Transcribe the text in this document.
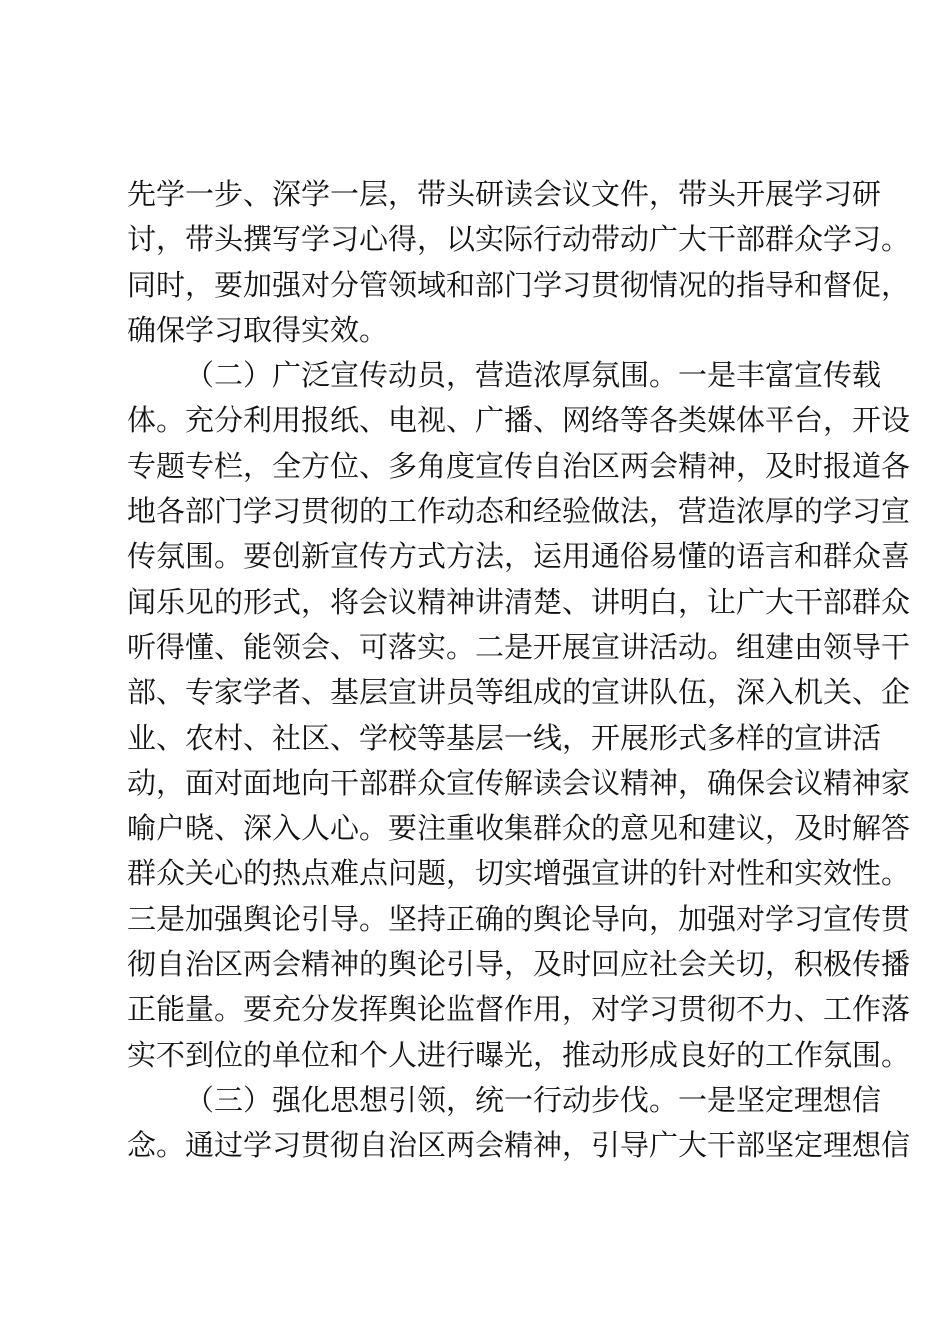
先学一步、深学一层，带头研读会议文件，带头开展学习研
讨，带头撰写学习心得，以实际行动带动广大干部群众学习。
同时，要加强对分管领域和部门学习贯彻情况的指导和督促，
确保学习取得实效。
（二）广泛宣传动员，营造浓厚氛围。一是丰富宣传载
体。充分利用报纸、电视、广播、网络等各类媒体平台，开设
专题专栏，全方位、多角度宣传自治区两会精神，及时报道各
地各部门学习贯彻的工作动态和经验做法，营造浓厚的学习宣
传氛围。要创新宣传方式方法，运用通俗易懂的语言和群众喜
闻乐见的形式，将会议精神讲清楚、讲明白，让广大干部群众
听得懂、能领会、可落实。二是开展宣讲活动。组建由领导干
部、专家学者、基层宣讲员等组成的宣讲队伍，深入机关、企
业、农村、社区、学校等基层一线，开展形式多样的宣讲活
动，面对面地向干部群众宣传解读会议精神，确保会议精神家
喻户晓、深入人心。要注重收集群众的意见和建议，及时解答
群众关心的热点难点问题，切实增强宣讲的针对性和实效性。
三是加强舆论引导。坚持正确的舆论导向，加强对学习宣传贯
彻自治区两会精神的舆论引导，及时回应社会关切，积极传播
正能量。要充分发挥舆论监督作用，对学习贯彻不力、工作落
实不到位的单位和个人进行曝光，推动形成良好的工作氛围。
（三）强化思想引领，统一行动步伐。一是坚定理想信
念。通过学习贯彻自治区两会精神，引导广大干部坚定理想信
